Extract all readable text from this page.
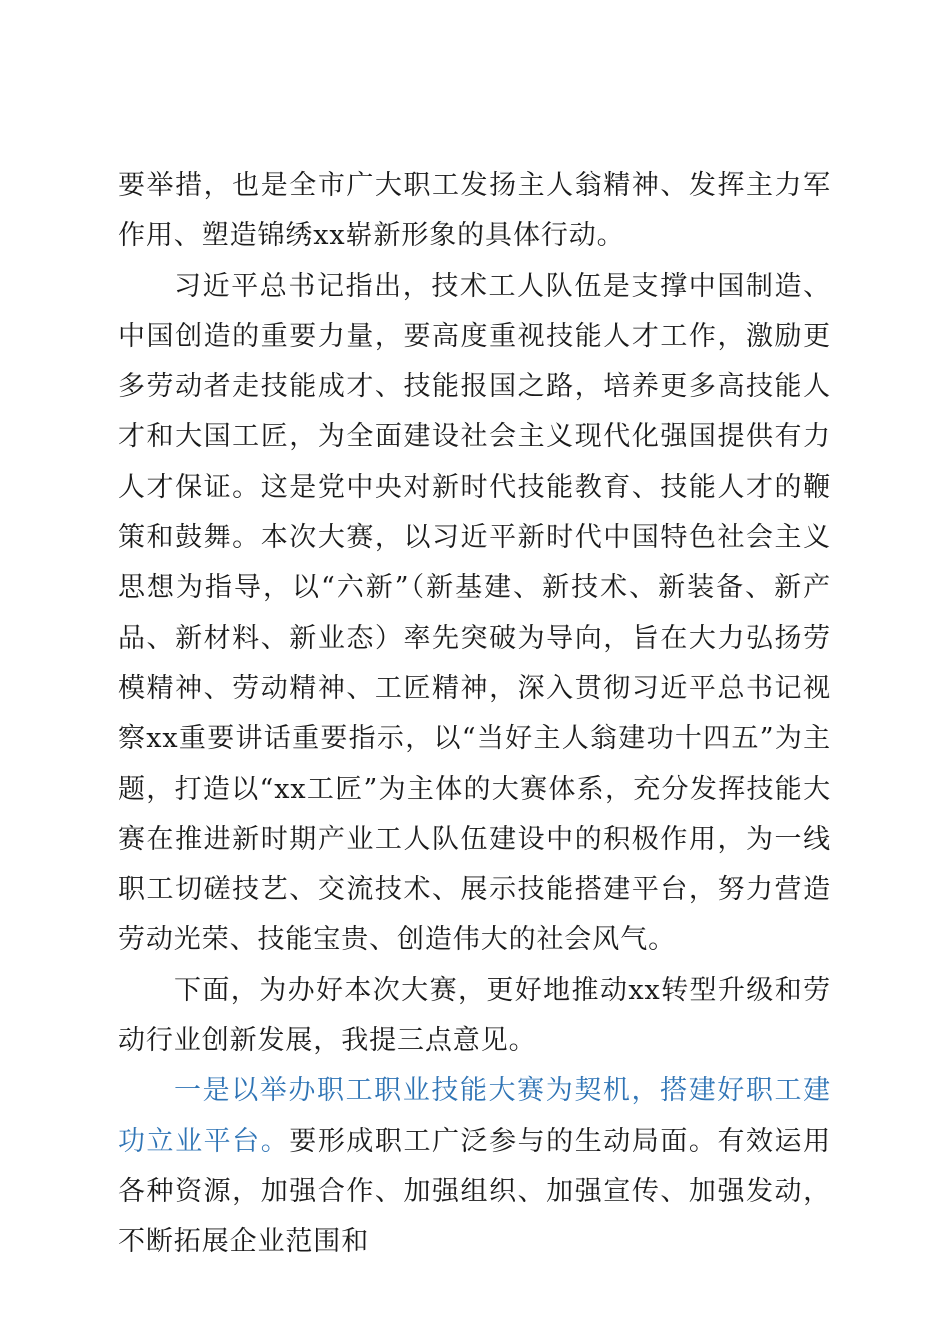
要举措，也是全市广大职工发扬主人翁精神、发挥主力军作用、塑造锦绣xx崭新形象的具体行动。

习近平总书记指出，技术工人队伍是支撑中国制造、中国创造的重要力量，要高度重视技能人才工作，激励更多劳动者走技能成才、技能报国之路，培养更多高技能人才和大国工匠，为全面建设社会主义现代化强国提供有力人才保证。这是党中央对新时代技能教育、技能人才的鞭策和鼓舞。本次大赛，以习近平新时代中国特色社会主义思想为指导，以“六新”（新基建、新技术、新装备、新产品、新材料、新业态）率先突破为导向，旨在大力弘扬劳模精神、劳动精神、工匠精神，深入贯彻习近平总书记视察xx重要讲话重要指示，以“当好主人翁建功十四五”为主题，打造以“xx工匠”为主体的大赛体系，充分发挥技能大赛在推进新时期产业工人队伍建设中的积极作用，为一线职工切磋技艺、交流技术、展示技能搭建平台，努力营造劳动光荣、技能宝贵、创造伟大的社会风气。

下面，为办好本次大赛，更好地推动xx转型升级和劳动行业创新发展，我提三点意见。

一是以举办职工职业技能大赛为契机，搭建好职工建功立业平台。要形成职工广泛参与的生动局面。有效运用各种资源，加强合作、加强组织、加强宣传、加强发动，不断拓展企业范围和
